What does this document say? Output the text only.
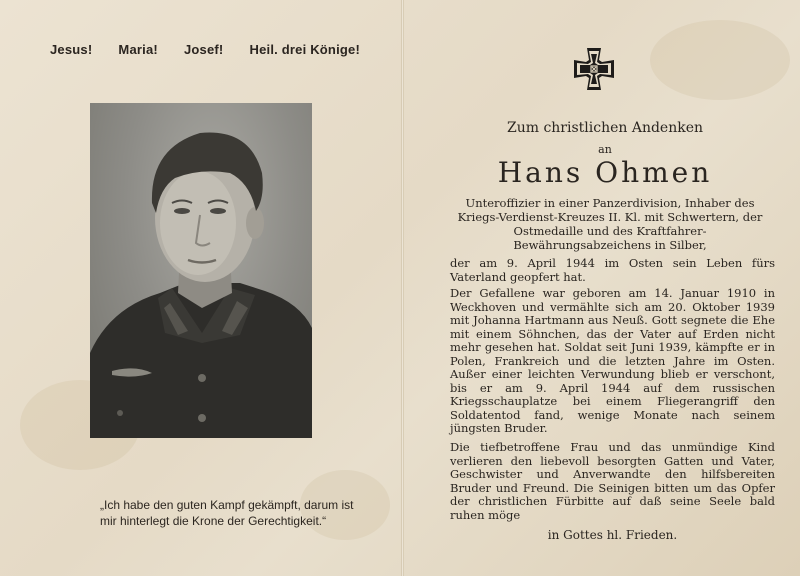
Jesus! Maria! Josef! Heil. drei Könige!
„Ich habe den guten Kampf gekämpft, darum ist mir hinterlegt die Krone der Gerechtigkeit.“
Zum christlichen Andenken
an
Hans Ohmen
Unteroffizier in einer Panzerdivision, Inhaber des Kriegs-Verdienst-Kreuzes II. Kl. mit Schwertern, der Ostmedaille und des Kraftfahrer-Bewährungsabzeichens in Silber,
der am 9. April 1944 im Osten sein Leben fürs Vaterland geopfert hat.
Der Gefallene war geboren am 14. Januar 1910 in Weckhoven und vermählte sich am 20. Oktober 1939 mit Johanna Hartmann aus Neuß. Gott segnete die Ehe mit einem Söhnchen, das der Vater auf Erden nicht mehr gesehen hat. Soldat seit Juni 1939, kämpfte er in Polen, Frankreich und die letzten Jahre im Osten. Außer einer leichten Verwundung blieb er verschont, bis er am 9. April 1944 auf dem russischen Kriegsschauplatze bei einem Fliegerangriff den Soldatentod fand, wenige Monate nach seinem jüngsten Bruder.
Die tiefbetroffene Frau und das unmündige Kind verlieren den liebevoll besorgten Gatten und Vater, Geschwister und Anverwandte den hilfsbereiten Bruder und Freund. Die Seinigen bitten um das Opfer der christlichen Fürbitte auf daß seine Seele bald ruhen möge
in Gottes hl. Frieden.
